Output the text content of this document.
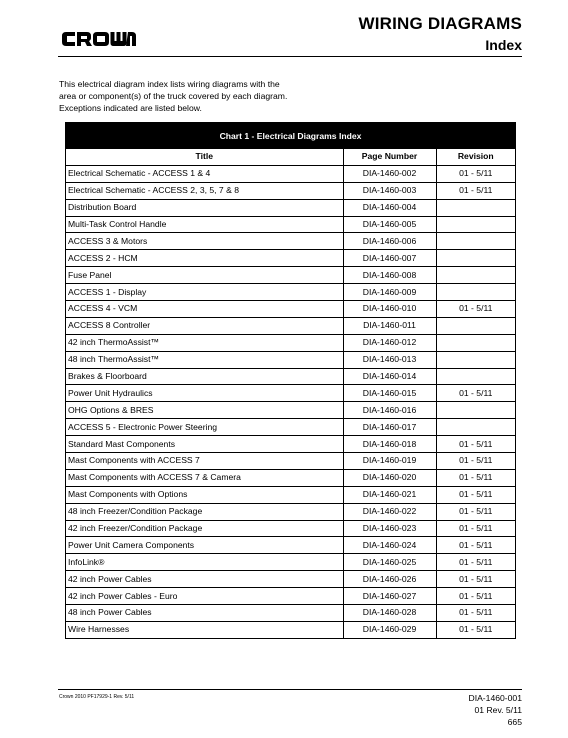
WIRING DIAGRAMS
Index
This electrical diagram index lists wiring diagrams with the area or component(s) of the truck covered by each diagram. Exceptions indicated are listed below.
Chart 1 - Electrical Diagrams Index
Title	Page Number	Revision
Electrical Schematic - ACCESS 1 & 4	DIA-1460-002	01 - 5/11
Electrical Schematic - ACCESS 2, 3, 5, 7 & 8	DIA-1460-003	01 - 5/11
Distribution Board	DIA-1460-004	
Multi-Task Control Handle	DIA-1460-005	
ACCESS 3 & Motors	DIA-1460-006	
ACCESS 2 - HCM	DIA-1460-007	
Fuse Panel	DIA-1460-008	
ACCESS 1 - Display	DIA-1460-009	
ACCESS 4 - VCM	DIA-1460-010	01 - 5/11
ACCESS 8 Controller	DIA-1460-011	
42 inch ThermoAssist™	DIA-1460-012	
48 inch ThermoAssist™	DIA-1460-013	
Brakes & Floorboard	DIA-1460-014	
Power Unit Hydraulics	DIA-1460-015	01 - 5/11
OHG Options & BRES	DIA-1460-016	
ACCESS 5 - Electronic Power Steering	DIA-1460-017	
Standard Mast Components	DIA-1460-018	01 - 5/11
Mast Components with ACCESS 7	DIA-1460-019	01 - 5/11
Mast Components with ACCESS 7 & Camera	DIA-1460-020	01 - 5/11
Mast Components with Options	DIA-1460-021	01 - 5/11
48 inch Freezer/Condition Package	DIA-1460-022	01 - 5/11
42 inch Freezer/Condition Package	DIA-1460-023	01 - 5/11
Power Unit Camera Components	DIA-1460-024	01 - 5/11
InfoLink®	DIA-1460-025	01 - 5/11
42 inch Power Cables	DIA-1460-026	01 - 5/11
42 inch Power Cables - Euro	DIA-1460-027	01 - 5/11
48 inch Power Cables	DIA-1460-028	01 - 5/11
Wire Harnesses	DIA-1460-029	01 - 5/11
Crown 2010 PF17929-1 Rev. 5/11	DIA-1460-001
01 Rev. 5/11
665
